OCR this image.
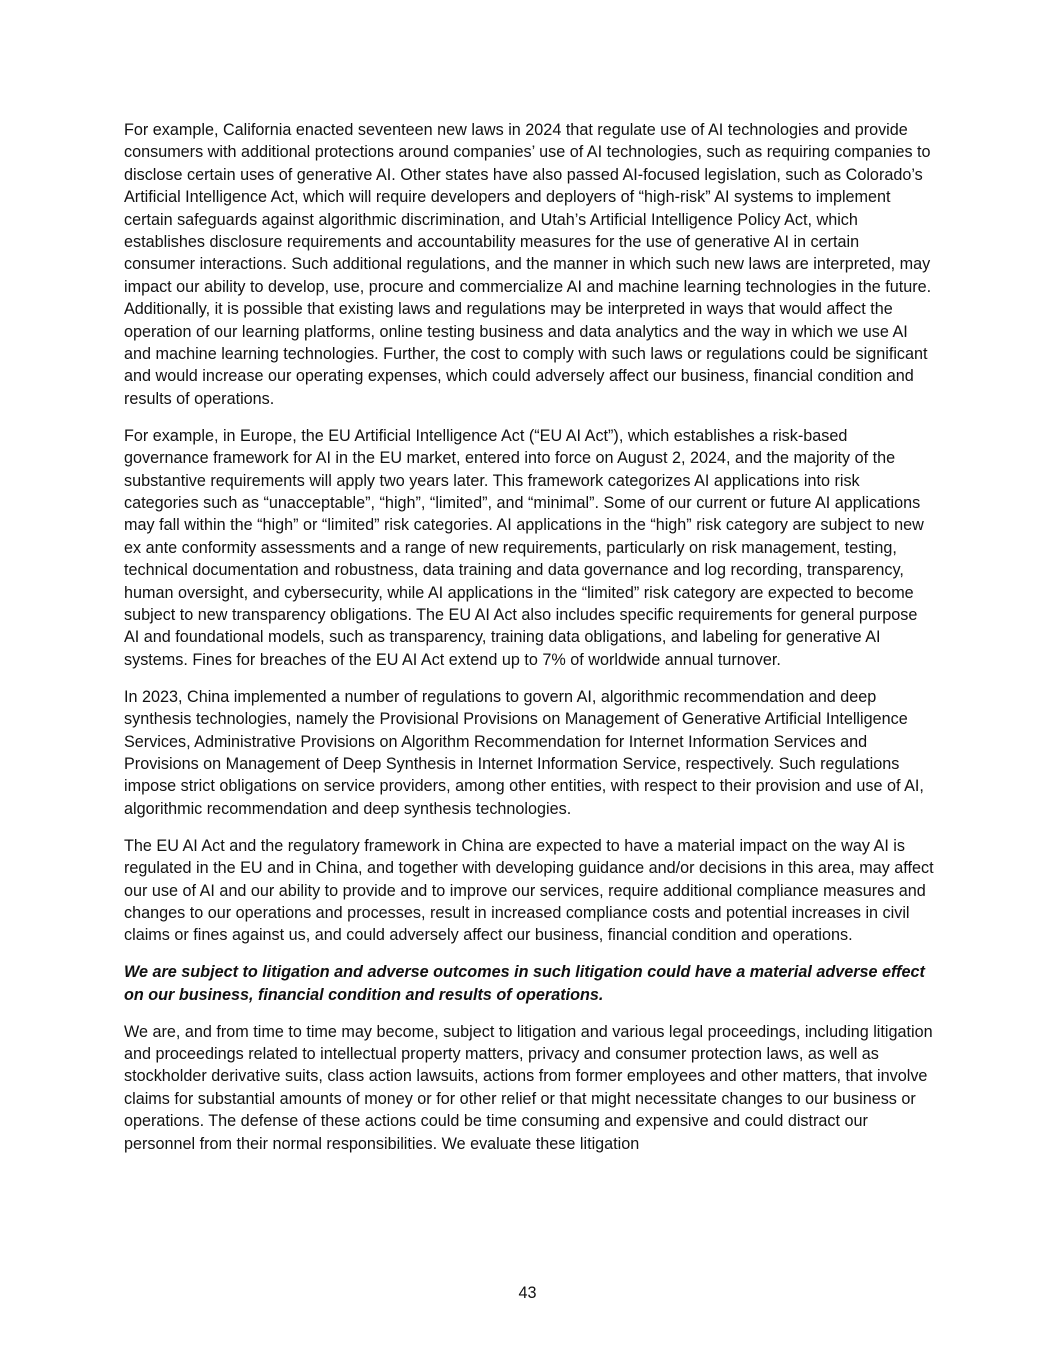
For example, California enacted seventeen new laws in 2024 that regulate use of AI technologies and provide consumers with additional protections around companies’ use of AI technologies, such as requiring companies to disclose certain uses of generative AI. Other states have also passed AI-focused legislation, such as Colorado’s Artificial Intelligence Act, which will require developers and deployers of “high-risk” AI systems to implement certain safeguards against algorithmic discrimination, and Utah’s Artificial Intelligence Policy Act, which establishes disclosure requirements and accountability measures for the use of generative AI in certain consumer interactions. Such additional regulations, and the manner in which such new laws are interpreted, may impact our ability to develop, use, procure and commercialize AI and machine learning technologies in the future. Additionally, it is possible that existing laws and regulations may be interpreted in ways that would affect the operation of our learning platforms, online testing business and data analytics and the way in which we use AI and machine learning technologies. Further, the cost to comply with such laws or regulations could be significant and would increase our operating expenses, which could adversely affect our business, financial condition and results of operations.

For example, in Europe, the EU Artificial Intelligence Act (“EU AI Act”), which establishes a risk-based governance framework for AI in the EU market, entered into force on August 2, 2024, and the majority of the substantive requirements will apply two years later. This framework categorizes AI applications into risk categories such as “unacceptable”, “high”, “limited”, and “minimal”. Some of our current or future AI applications may fall within the “high” or “limited” risk categories. AI applications in the “high” risk category are subject to new ex ante conformity assessments and a range of new requirements, particularly on risk management, testing, technical documentation and robustness, data training and data governance and log recording, transparency, human oversight, and cybersecurity, while AI applications in the “limited” risk category are expected to become subject to new transparency obligations. The EU AI Act also includes specific requirements for general purpose AI and foundational models, such as transparency, training data obligations, and labeling for generative AI systems. Fines for breaches of the EU AI Act extend up to 7% of worldwide annual turnover.

In 2023, China implemented a number of regulations to govern AI, algorithmic recommendation and deep synthesis technologies, namely the Provisional Provisions on Management of Generative Artificial Intelligence Services, Administrative Provisions on Algorithm Recommendation for Internet Information Services and Provisions on Management of Deep Synthesis in Internet Information Service, respectively. Such regulations impose strict obligations on service providers, among other entities, with respect to their provision and use of AI, algorithmic recommendation and deep synthesis technologies.

The EU AI Act and the regulatory framework in China are expected to have a material impact on the way AI is regulated in the EU and in China, and together with developing guidance and/or decisions in this area, may affect our use of AI and our ability to provide and to improve our services, require additional compliance measures and changes to our operations and processes, result in increased compliance costs and potential increases in civil claims or fines against us, and could adversely affect our business, financial condition and operations.

We are subject to litigation and adverse outcomes in such litigation could have a material adverse effect on our business, financial condition and results of operations.

We are, and from time to time may become, subject to litigation and various legal proceedings, including litigation and proceedings related to intellectual property matters, privacy and consumer protection laws, as well as stockholder derivative suits, class action lawsuits, actions from former employees and other matters, that involve claims for substantial amounts of money or for other relief or that might necessitate changes to our business or operations. The defense of these actions could be time consuming and expensive and could distract our personnel from their normal responsibilities. We evaluate these litigation

43
